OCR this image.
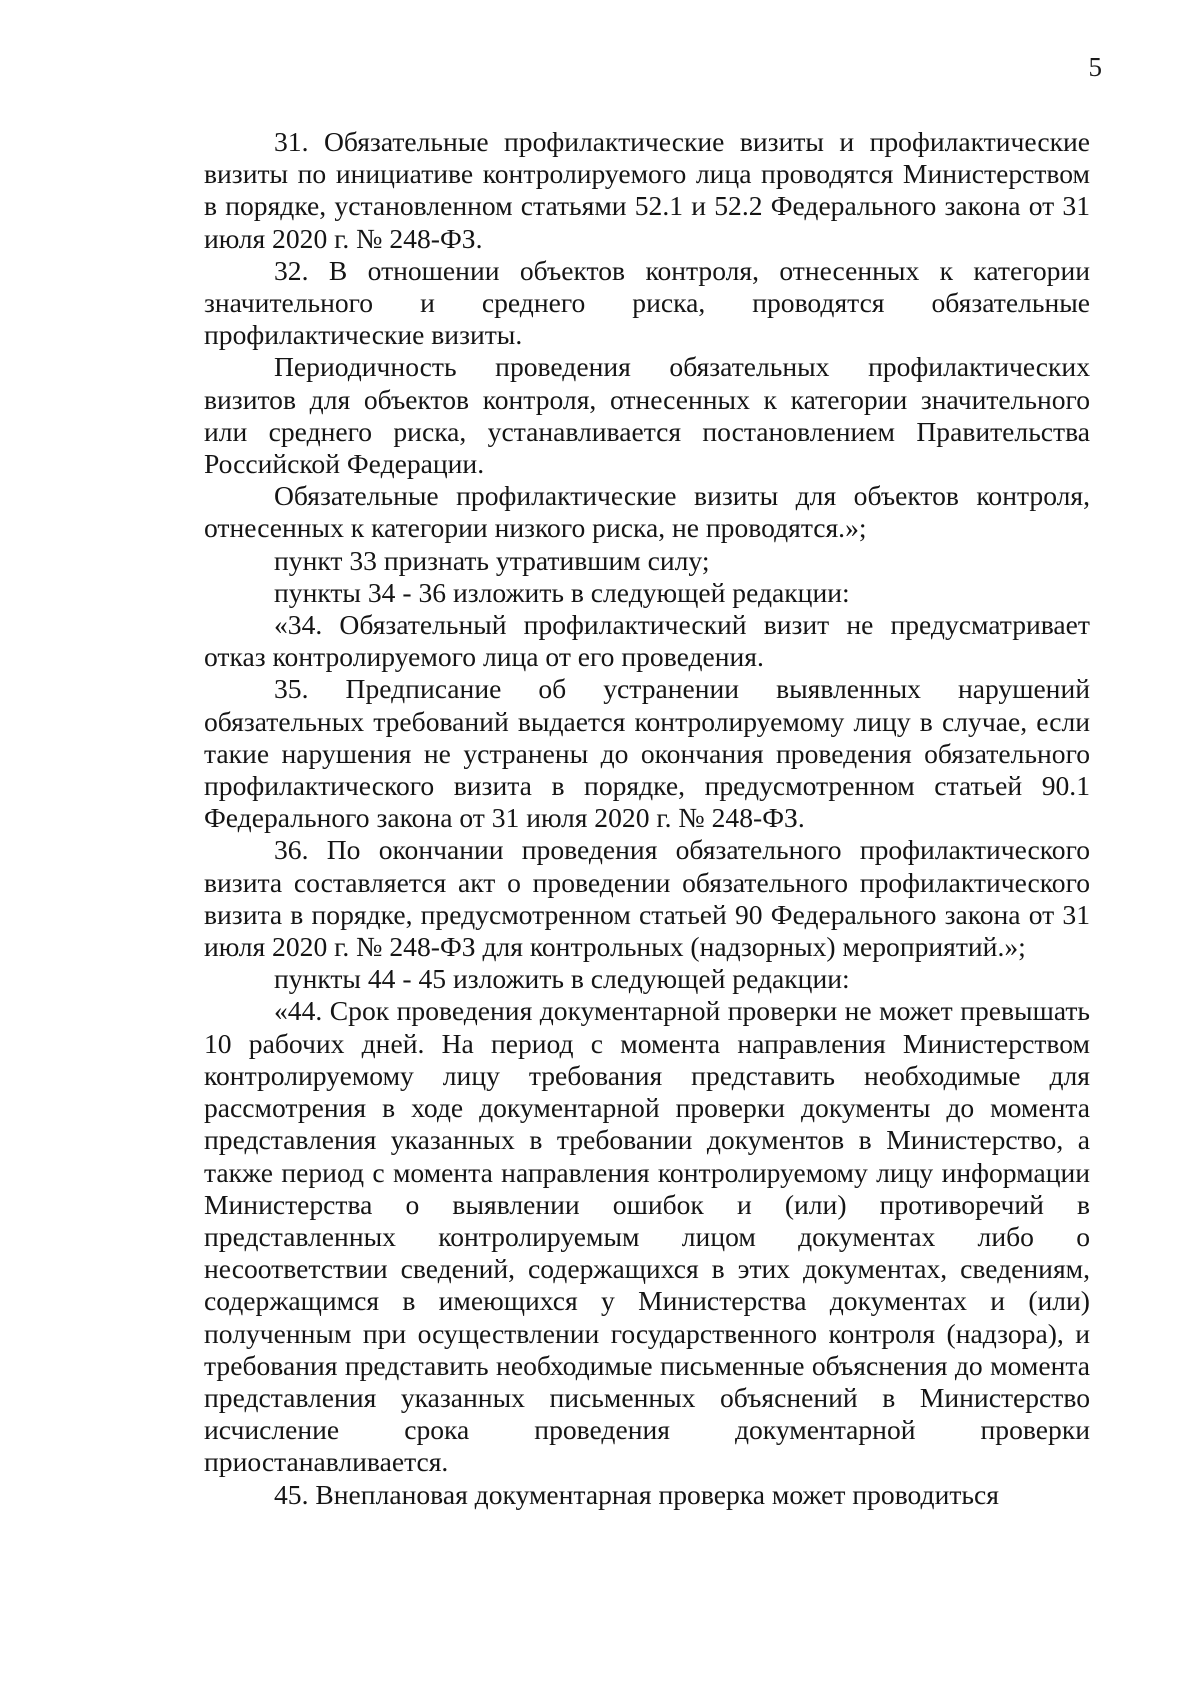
5

31. Обязательные профилактические визиты и профилактические визиты по инициативе контролируемого лица проводятся Министерством в порядке, установленном статьями 52.1 и 52.2 Федерального закона от 31 июля 2020 г. № 248-ФЗ.

32. В отношении объектов контроля, отнесенных к категории значительного и среднего риска, проводятся обязательные профилактические визиты.

Периодичность проведения обязательных профилактических визитов для объектов контроля, отнесенных к категории значительного или среднего риска, устанавливается постановлением Правительства Российской Федерации.

Обязательные профилактические визиты для объектов контроля, отнесенных к категории низкого риска, не проводятся.»;

пункт 33 признать утратившим силу;

пункты 34 - 36 изложить в следующей редакции:

«34. Обязательный профилактический визит не предусматривает отказ контролируемого лица от его проведения.

35. Предписание об устранении выявленных нарушений обязательных требований выдается контролируемому лицу в случае, если такие нарушения не устранены до окончания проведения обязательного профилактического визита в порядке, предусмотренном статьей 90.1 Федерального закона от 31 июля 2020 г. № 248-ФЗ.

36. По окончании проведения обязательного профилактического визита составляется акт о проведении обязательного профилактического визита в порядке, предусмотренном статьей 90 Федерального закона от 31 июля 2020 г. № 248-ФЗ для контрольных (надзорных) мероприятий.»;

пункты 44 - 45 изложить в следующей редакции:

«44. Срок проведения документарной проверки не может превышать 10 рабочих дней. На период с момента направления Министерством контролируемому лицу требования представить необходимые для рассмотрения в ходе документарной проверки документы до момента представления указанных в требовании документов в Министерство, а также период с момента направления контролируемому лицу информации Министерства о выявлении ошибок и (или) противоречий в представленных контролируемым лицом документах либо о несоответствии сведений, содержащихся в этих документах, сведениям, содержащимся в имеющихся у Министерства документах и (или) полученным при осуществлении государственного контроля (надзора), и требования представить необходимые письменные объяснения до момента представления указанных письменных объяснений в Министерство исчисление срока проведения документарной проверки приостанавливается.

45. Внеплановая документарная проверка может проводиться
